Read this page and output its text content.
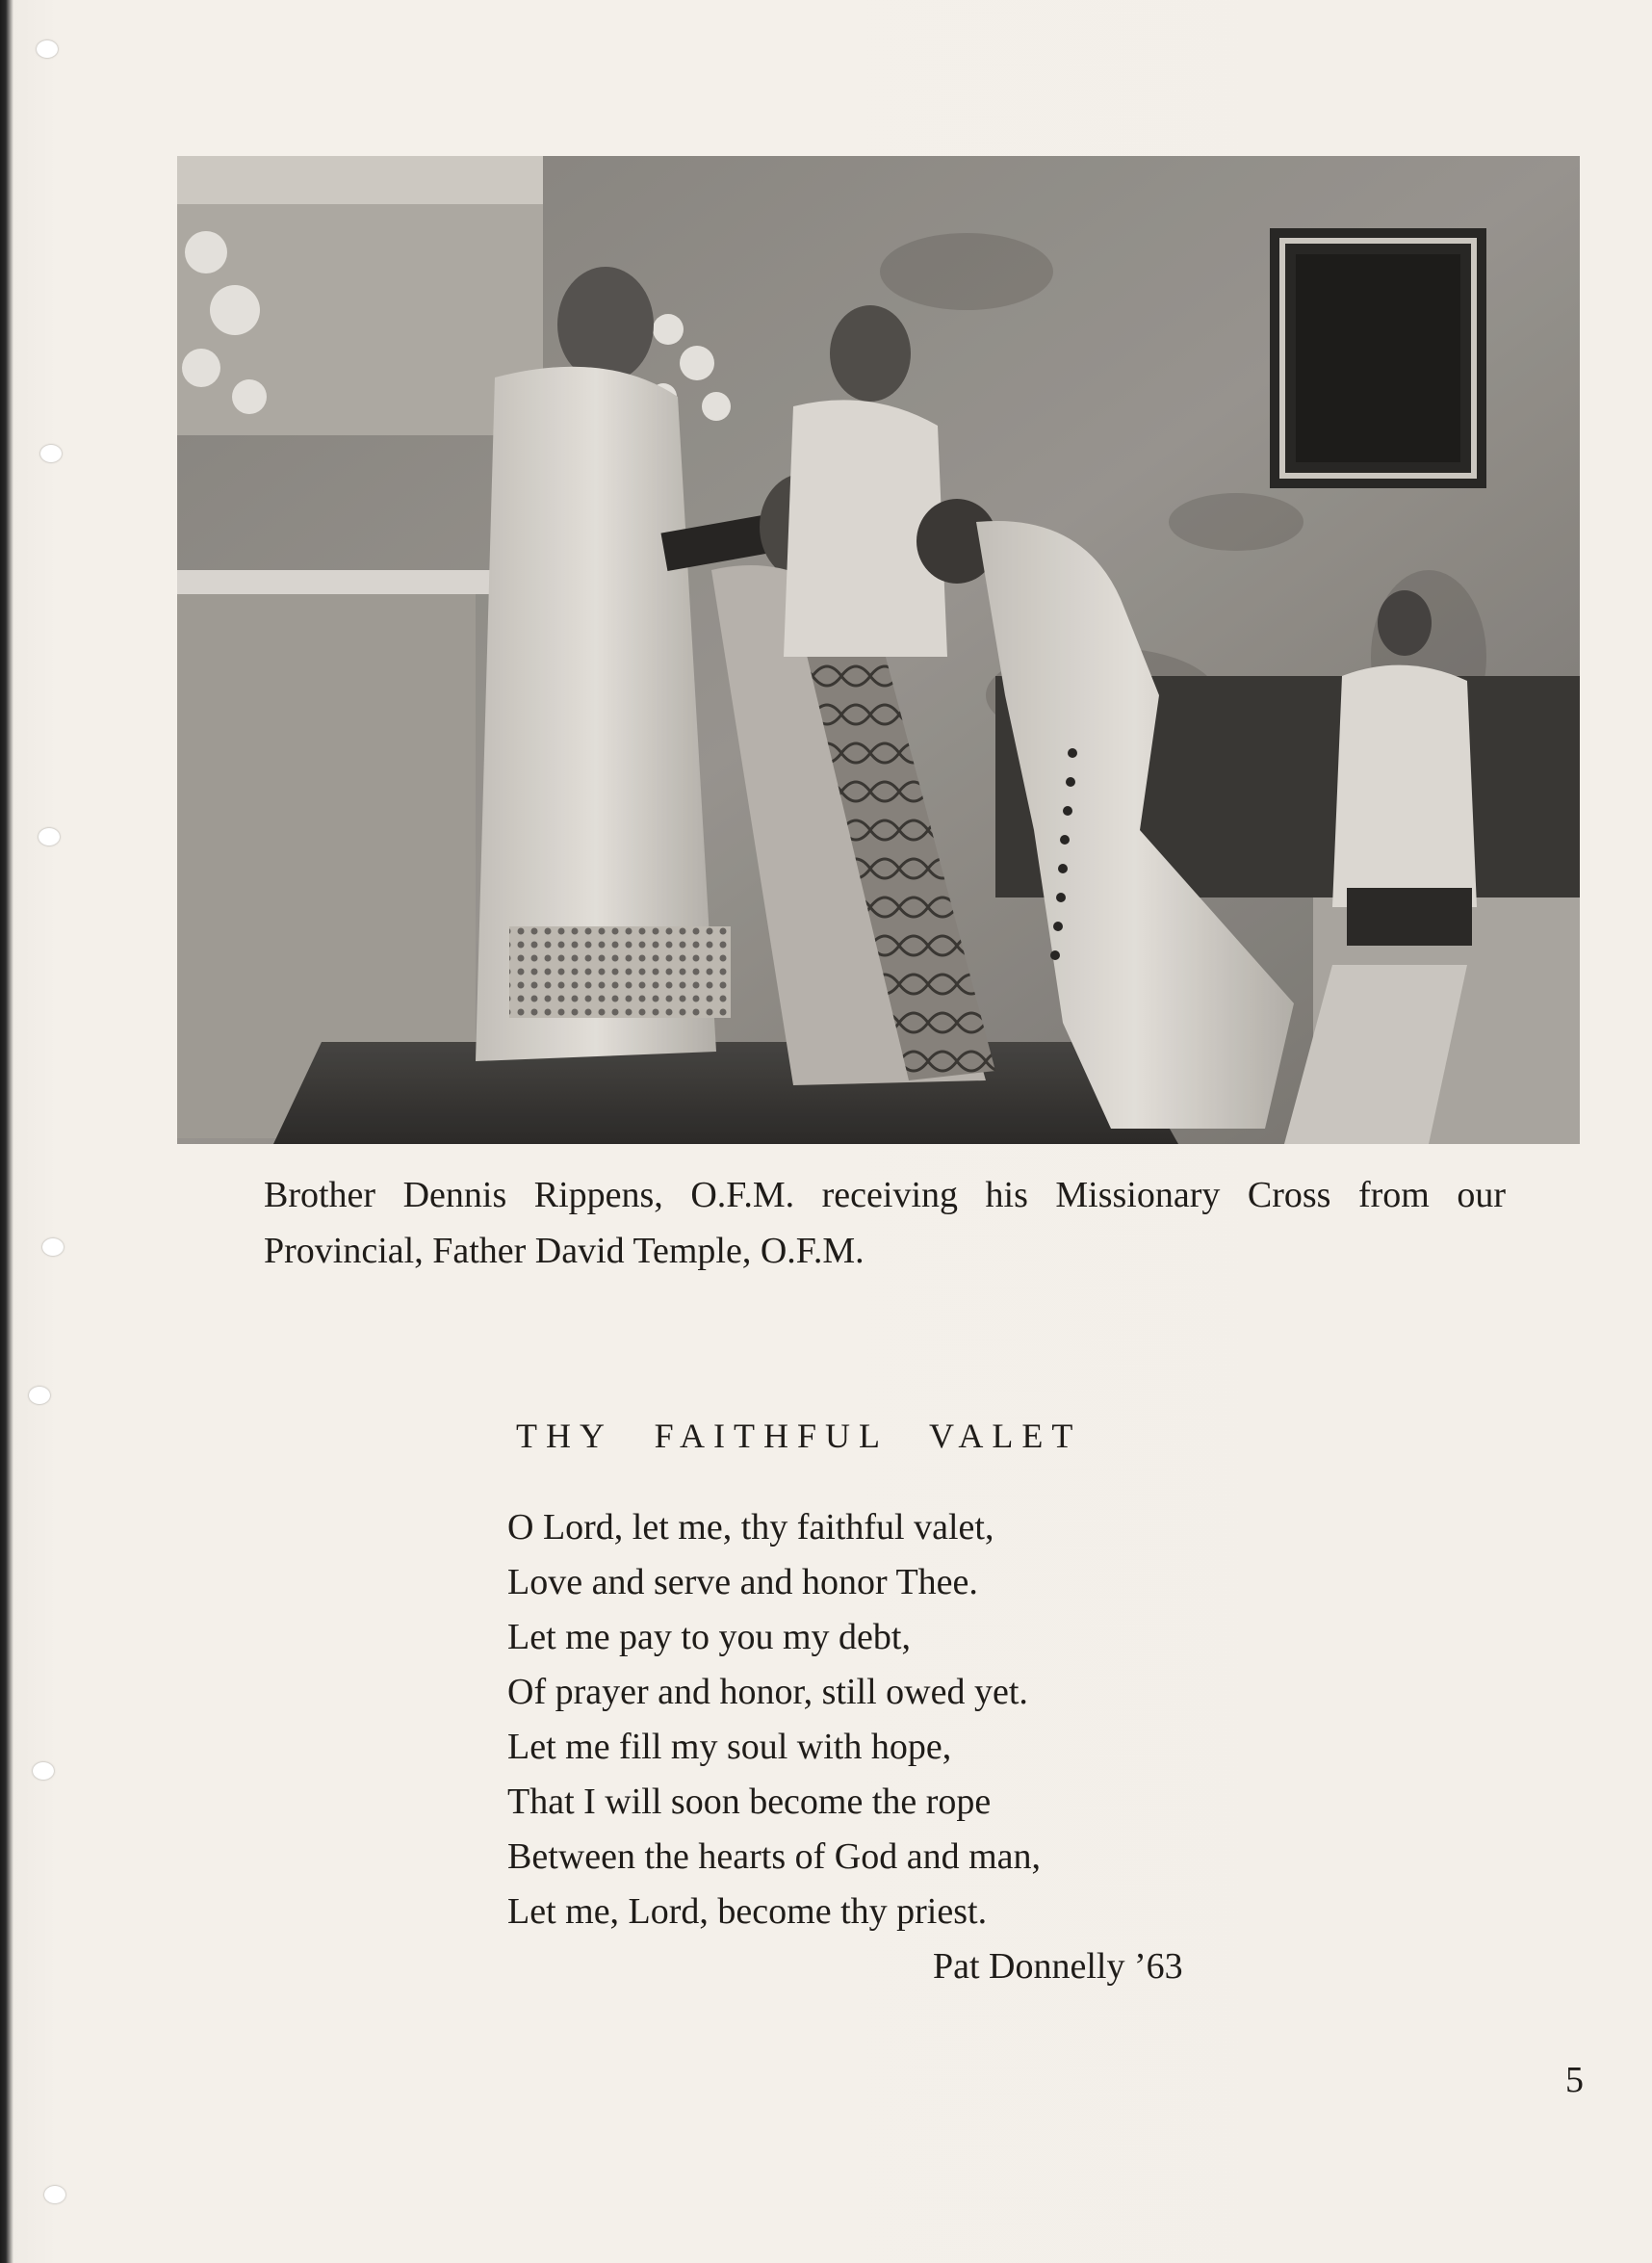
Brother Dennis Rippens, O.F.M. receiving his Missionary Cross from our Provincial, Father David Temple, O.F.M.
THY FAITHFUL VALET
O Lord, let me, thy faithful valet,
Love and serve and honor Thee.
Let me pay to you my debt,
Of prayer and honor, still owed yet.
Let me fill my soul with hope,
That I will soon become the rope
Between the hearts of God and man,
Let me, Lord, become thy priest.
Pat Donnelly ’63
5
